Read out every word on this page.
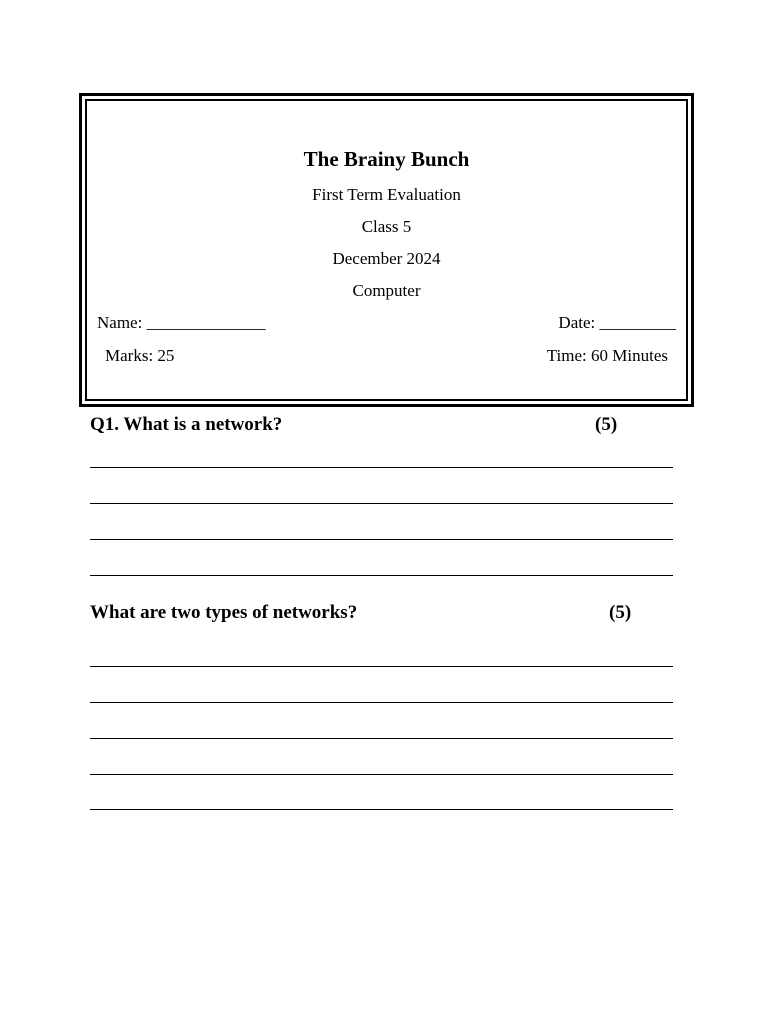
The Brainy Bunch
First Term Evaluation
Class 5
December 2024
Computer
Name: ______________	Date: _________
Marks: 25	Time: 60 Minutes
Q1. What is a network?	(5)
What are two types of networks?	(5)
